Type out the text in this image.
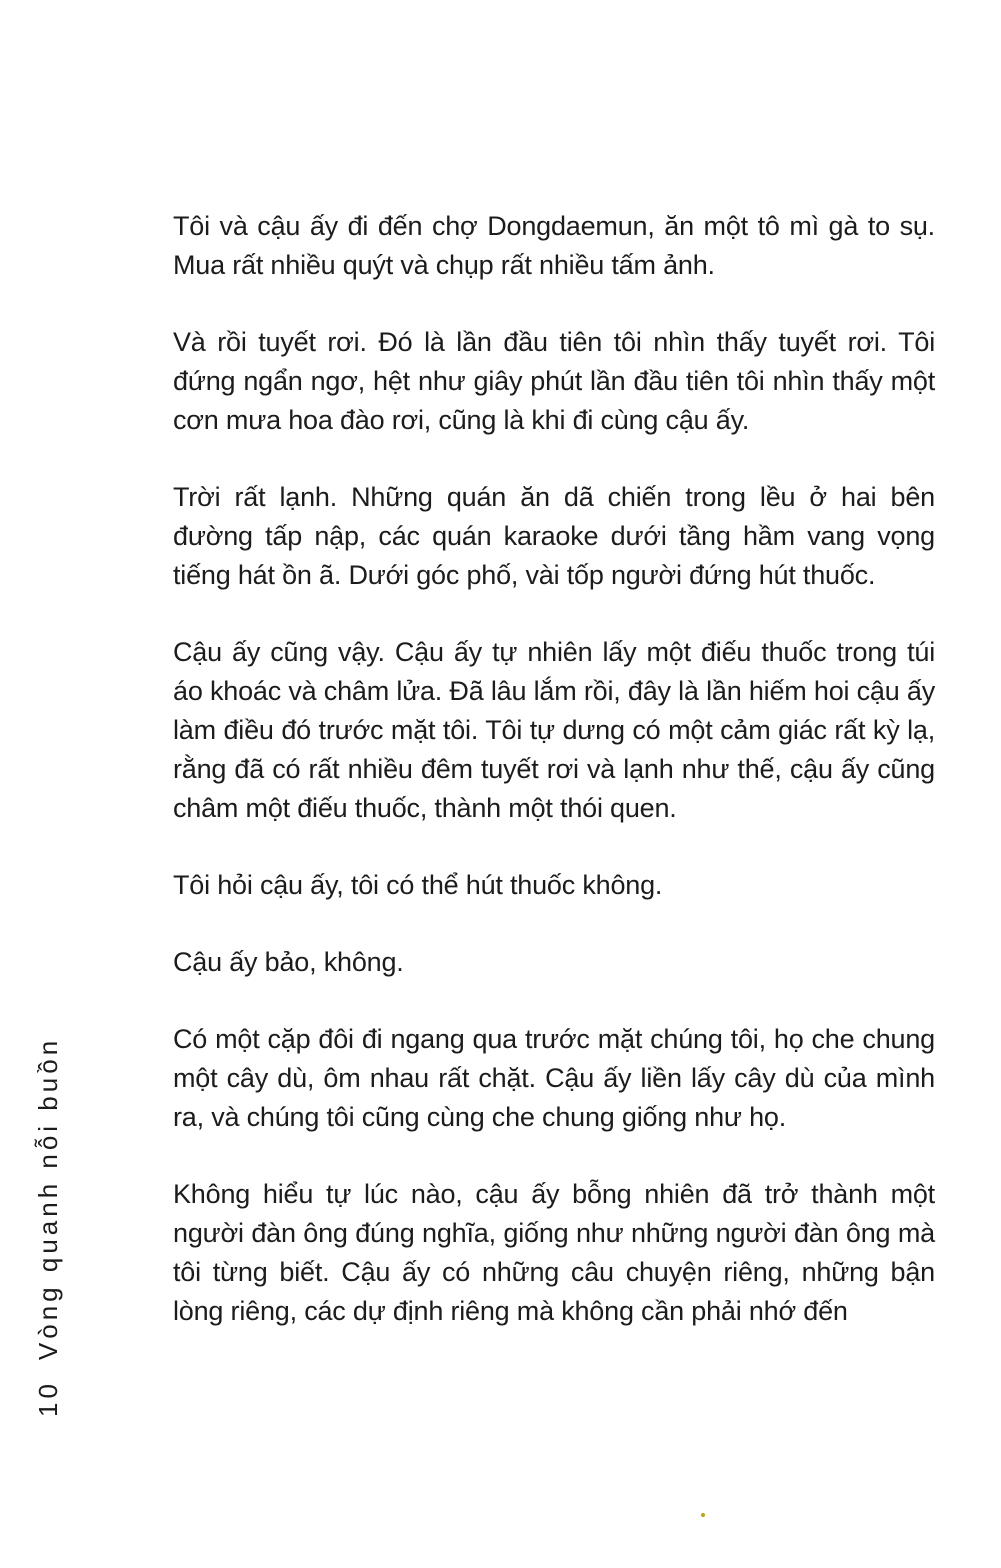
Tôi và cậu ấy đi đến chợ Dongdaemun, ăn một tô mì gà to sụ. Mua rất nhiều quýt và chụp rất nhiều tấm ảnh.

Và rồi tuyết rơi. Đó là lần đầu tiên tôi nhìn thấy tuyết rơi. Tôi đứng ngẩn ngơ, hệt như giây phút lần đầu tiên tôi nhìn thấy một cơn mưa hoa đào rơi, cũng là khi đi cùng cậu ấy.

Trời rất lạnh. Những quán ăn dã chiến trong lều ở hai bên đường tấp nập, các quán karaoke dưới tầng hầm vang vọng tiếng hát ồn ã. Dưới góc phố, vài tốp người đứng hút thuốc.

Cậu ấy cũng vậy. Cậu ấy tự nhiên lấy một điếu thuốc trong túi áo khoác và châm lửa. Đã lâu lắm rồi, đây là lần hiếm hoi cậu ấy làm điều đó trước mặt tôi. Tôi tự dưng có một cảm giác rất kỳ lạ, rằng đã có rất nhiều đêm tuyết rơi và lạnh như thế, cậu ấy cũng châm một điếu thuốc, thành một thói quen.

Tôi hỏi cậu ấy, tôi có thể hút thuốc không.

Cậu ấy bảo, không.

Có một cặp đôi đi ngang qua trước mặt chúng tôi, họ che chung một cây dù, ôm nhau rất chặt. Cậu ấy liền lấy cây dù của mình ra, và chúng tôi cũng cùng che chung giống như họ.

Không hiểu tự lúc nào, cậu ấy bỗng nhiên đã trở thành một người đàn ông đúng nghĩa, giống như những người đàn ông mà tôi từng biết. Cậu ấy có những câu chuyện riêng, những bận lòng riêng, các dự định riêng mà không cần phải nhớ đến

10Vòng quanh nỗi buồn
